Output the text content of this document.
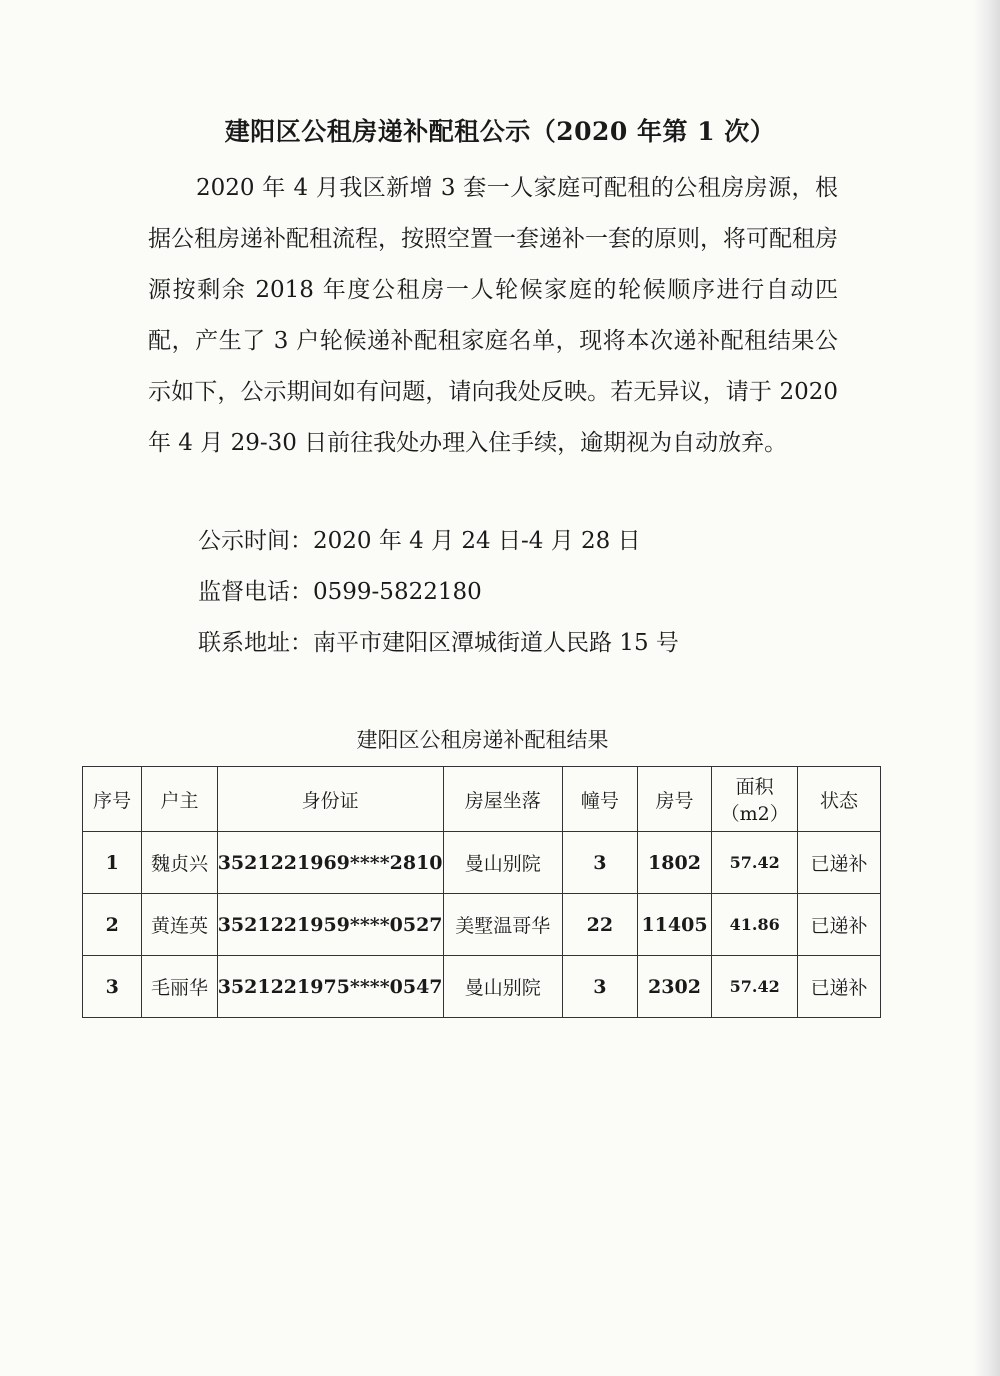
建阳区公租房递补配租公示（2020 年第 1 次）

2020 年 4 月我区新增 3 套一人家庭可配租的公租房房源，根据公租房递补配租流程，按照空置一套递补一套的原则，将可配租房源按剩余 2018 年度公租房一人轮候家庭的轮候顺序进行自动匹配，产生了 3 户轮候递补配租家庭名单，现将本次递补配租结果公示如下，公示期间如有问题，请向我处反映。若无异议，请于 2020 年 4 月 29-30 日前往我处办理入住手续，逾期视为自动放弃。

公示时间：2020 年 4 月 24 日-4 月 28 日
监督电话：0599-5822180
联系地址：南平市建阳区潭城街道人民路 15 号
建阳区公租房递补配租结果
序号	户主	身份证	房屋坐落	幢号	房号	面积（m2）	状态
1	魏贞兴	3521221969****2810	曼山别院	3	1802	57.42	已递补
2	黄连英	3521221959****0527	美墅温哥华	22	11405	41.86	已递补
3	毛丽华	3521221975****0547	曼山别院	3	2302	57.42	已递补
